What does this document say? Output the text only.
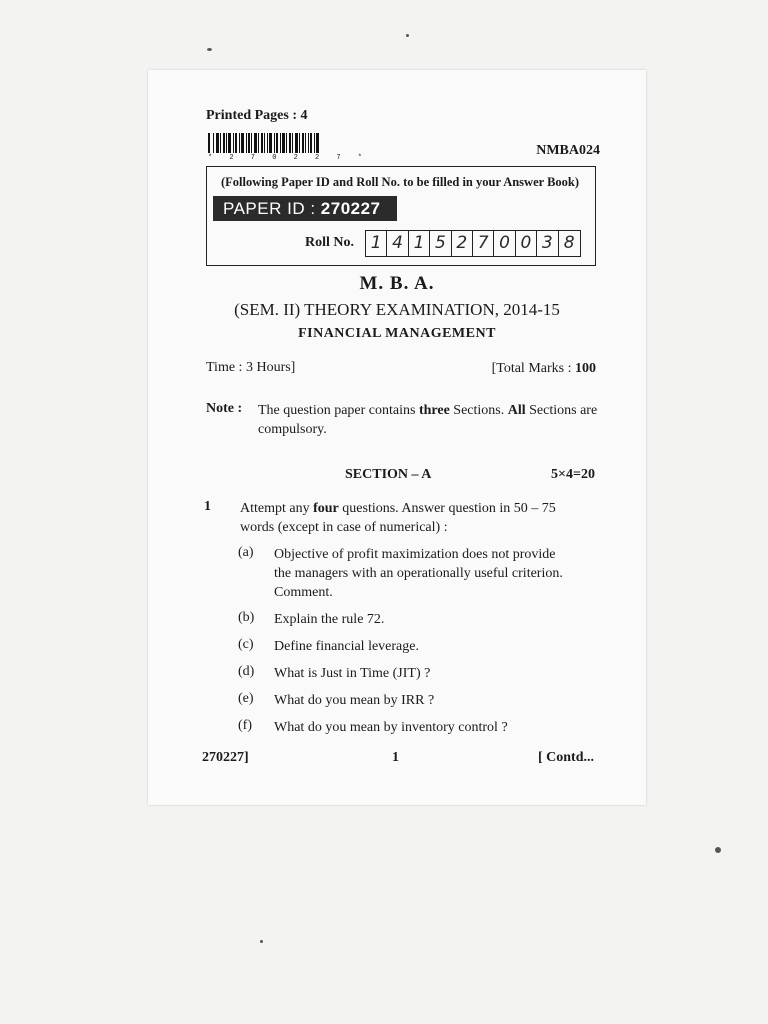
Printed Pages : 4
* 2 7 0 2 2 7 *	NMBA024
(Following Paper ID and Roll No. to be filled in your Answer Book)
PAPER ID : 270227
Roll No. 1 4 1 5 2 7 0 0 3 8
M. B. A.
(SEM. II) THEORY EXAMINATION, 2014-15
FINANCIAL MANAGEMENT
Time : 3 Hours]	[Total Marks : 100
Note : The question paper contains three Sections. All Sections are compulsory.
SECTION – A	5×4=20
1 Attempt any four questions. Answer question in 50 – 75 words (except in case of numerical) :
(a) Objective of profit maximization does not provide the managers with an operationally useful criterion. Comment.
(b) Explain the rule 72.
(c) Define financial leverage.
(d) What is Just in Time (JIT) ?
(e) What do you mean by IRR ?
(f) What do you mean by inventory control ?
270227]	1	[ Contd...
